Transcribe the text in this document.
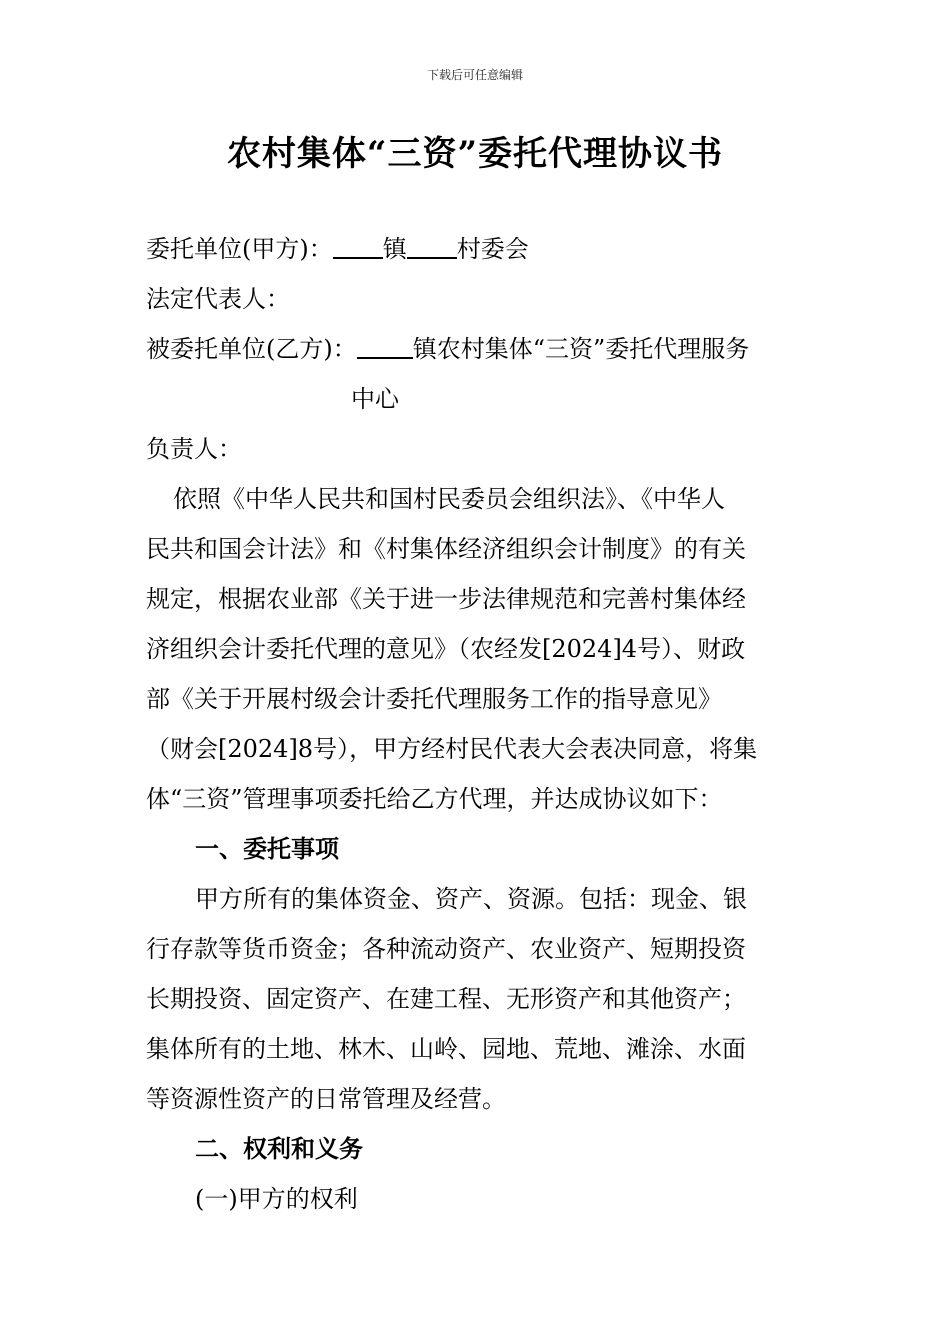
下载后可任意编辑
农村集体“三资”委托代理协议书
委托单位(甲方)： 镇 村委会
法定代表人：
被委托单位(乙方)： 镇农村集体“三资”委托代理服务
中心
负责人：
依照《中华人民共和国村民委员会组织法》、《中华人
民共和国会计法》和《村集体经济组织会计制度》的有关
规定，根据农业部《关于进一步法律规范和完善村集体经
济组织会计委托代理的意见》（农经发[2024]4号）、财政
部《关于开展村级会计委托代理服务工作的指导意见》
（财会[2024]8号），甲方经村民代表大会表决同意，将集
体“三资”管理事项委托给乙方代理，并达成协议如下：
一、委托事项
甲方所有的集体资金、资产、资源。包括：现金、银
行存款等货币资金；各种流动资产、农业资产、短期投资
长期投资、固定资产、在建工程、无形资产和其他资产；
集体所有的土地、林木、山岭、园地、荒地、滩涂、水面
等资源性资产的日常管理及经营。
二、权利和义务
(一)甲方的权利
